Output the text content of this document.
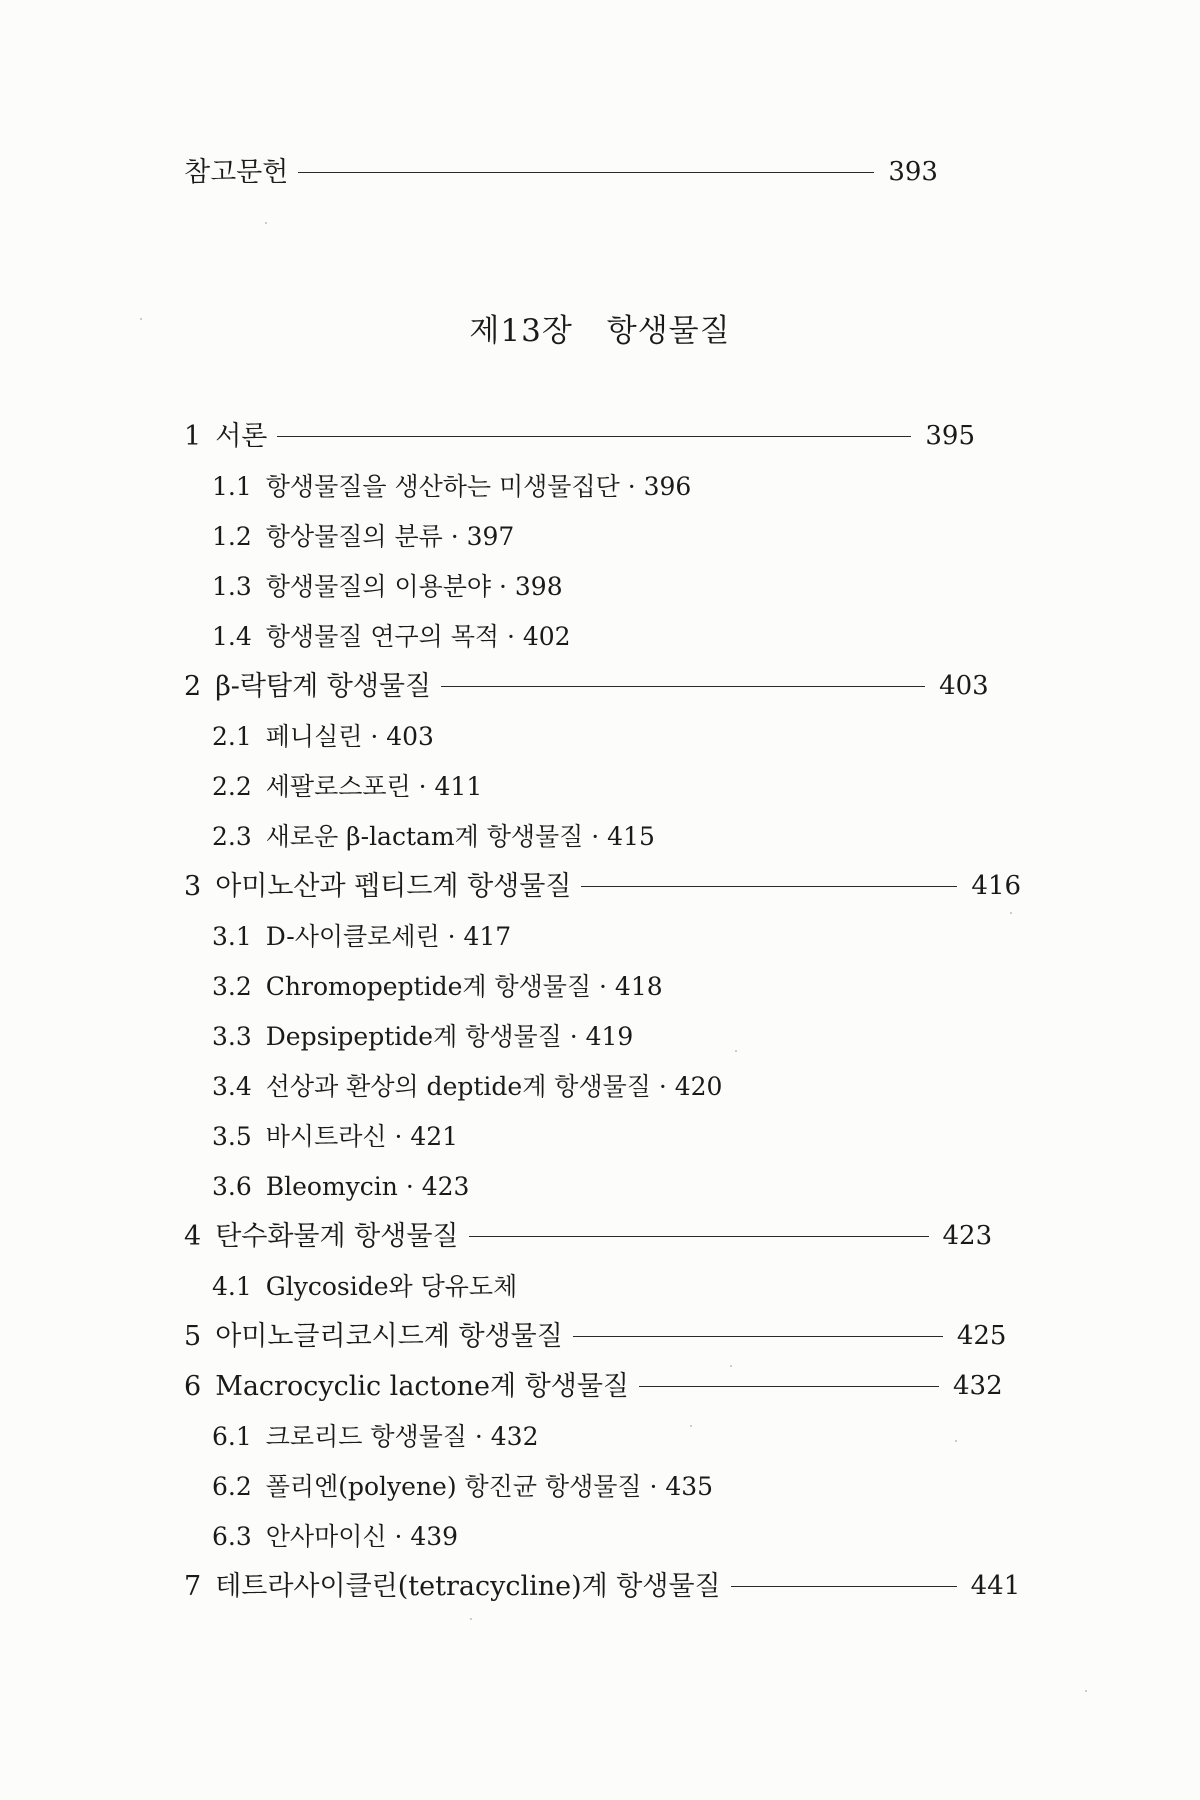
참고문헌	393
제13장 항생물질
1 서론	395
1.1 항생물질을 생산하는 미생물집단 · 396
1.2 항상물질의 분류 · 397
1.3 항생물질의 이용분야 · 398
1.4 항생물질 연구의 목적 · 402
2 β-락탐계 항생물질	403
2.1 페니실린 · 403
2.2 세팔로스포린 · 411
2.3 새로운 β-lactam계 항생물질 · 415
3 아미노산과 펩티드계 항생물질	416
3.1 D-사이클로세린 · 417
3.2 Chromopeptide계 항생물질 · 418
3.3 Depsipeptide계 항생물질 · 419
3.4 선상과 환상의 deptide계 항생물질 · 420
3.5 바시트라신 · 421
3.6 Bleomycin · 423
4 탄수화물계 항생물질	423
4.1 Glycoside와 당유도체
5 아미노글리코시드계 항생물질	425
6 Macrocyclic lactone계 항생물질	432
6.1 크로리드 항생물질 · 432
6.2 폴리엔(polyene) 항진균 항생물질 · 435
6.3 안사마이신 · 439
7 테트라사이클린(tetracycline)계 항생물질	441
